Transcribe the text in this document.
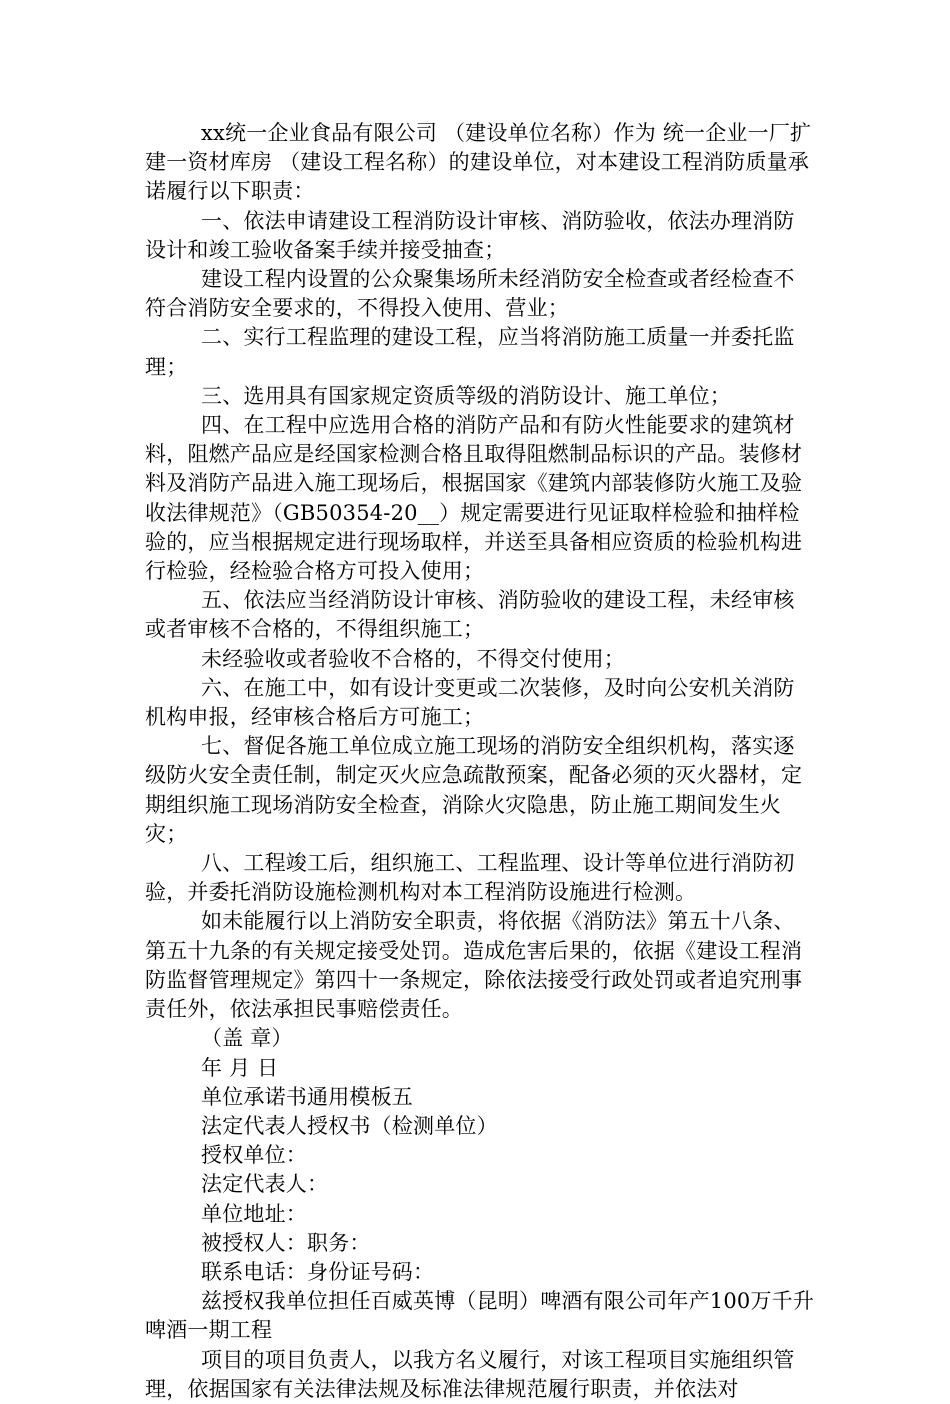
xx统一企业食品有限公司 （建设单位名称）作为 统一企业一厂扩建一资材库房 （建设工程名称）的建设单位，对本建设工程消防质量承诺履行以下职责：

一、依法申请建设工程消防设计审核、消防验收，依法办理消防设计和竣工验收备案手续并接受抽查；

建设工程内设置的公众聚集场所未经消防安全检查或者经检查不符合消防安全要求的，不得投入使用、营业；

二、实行工程监理的建设工程，应当将消防施工质量一并委托监理；

三、选用具有国家规定资质等级的消防设计、施工单位；

四、在工程中应选用合格的消防产品和有防火性能要求的建筑材料，阻燃产品应是经国家检测合格且取得阻燃制品标识的产品。装修材料及消防产品进入施工现场后，根据国家《建筑内部装修防火施工及验收法律规范》（GB50354-20__）规定需要进行见证取样检验和抽样检验的，应当根据规定进行现场取样，并送至具备相应资质的检验机构进行检验，经检验合格方可投入使用；

五、依法应当经消防设计审核、消防验收的建设工程，未经审核或者审核不合格的，不得组织施工；

未经验收或者验收不合格的，不得交付使用；

六、在施工中，如有设计变更或二次装修，及时向公安机关消防机构申报，经审核合格后方可施工；

七、督促各施工单位成立施工现场的消防安全组织机构，落实逐级防火安全责任制，制定灭火应急疏散预案，配备必须的灭火器材，定期组织施工现场消防安全检查，消除火灾隐患，防止施工期间发生火灾；

八、工程竣工后，组织施工、工程监理、设计等单位进行消防初验，并委托消防设施检测机构对本工程消防设施进行检测。

如未能履行以上消防安全职责，将依据《消防法》第五十八条、第五十九条的有关规定接受处罚。造成危害后果的，依据《建设工程消防监督管理规定》第四十一条规定，除依法接受行政处罚或者追究刑事责任外，依法承担民事赔偿责任。

（盖 章）

年 月 日

单位承诺书通用模板五

法定代表人授权书（检测单位）

授权单位：

法定代表人：

单位地址：

被授权人：职务：

联系电话：身份证号码：

兹授权我单位担任百威英博（昆明）啤酒有限公司年产100万千升啤酒一期工程

项目的项目负责人，以我方名义履行，对该工程项目实施组织管理，依据国家有关法律法规及标准法律规范履行职责，并依法对
